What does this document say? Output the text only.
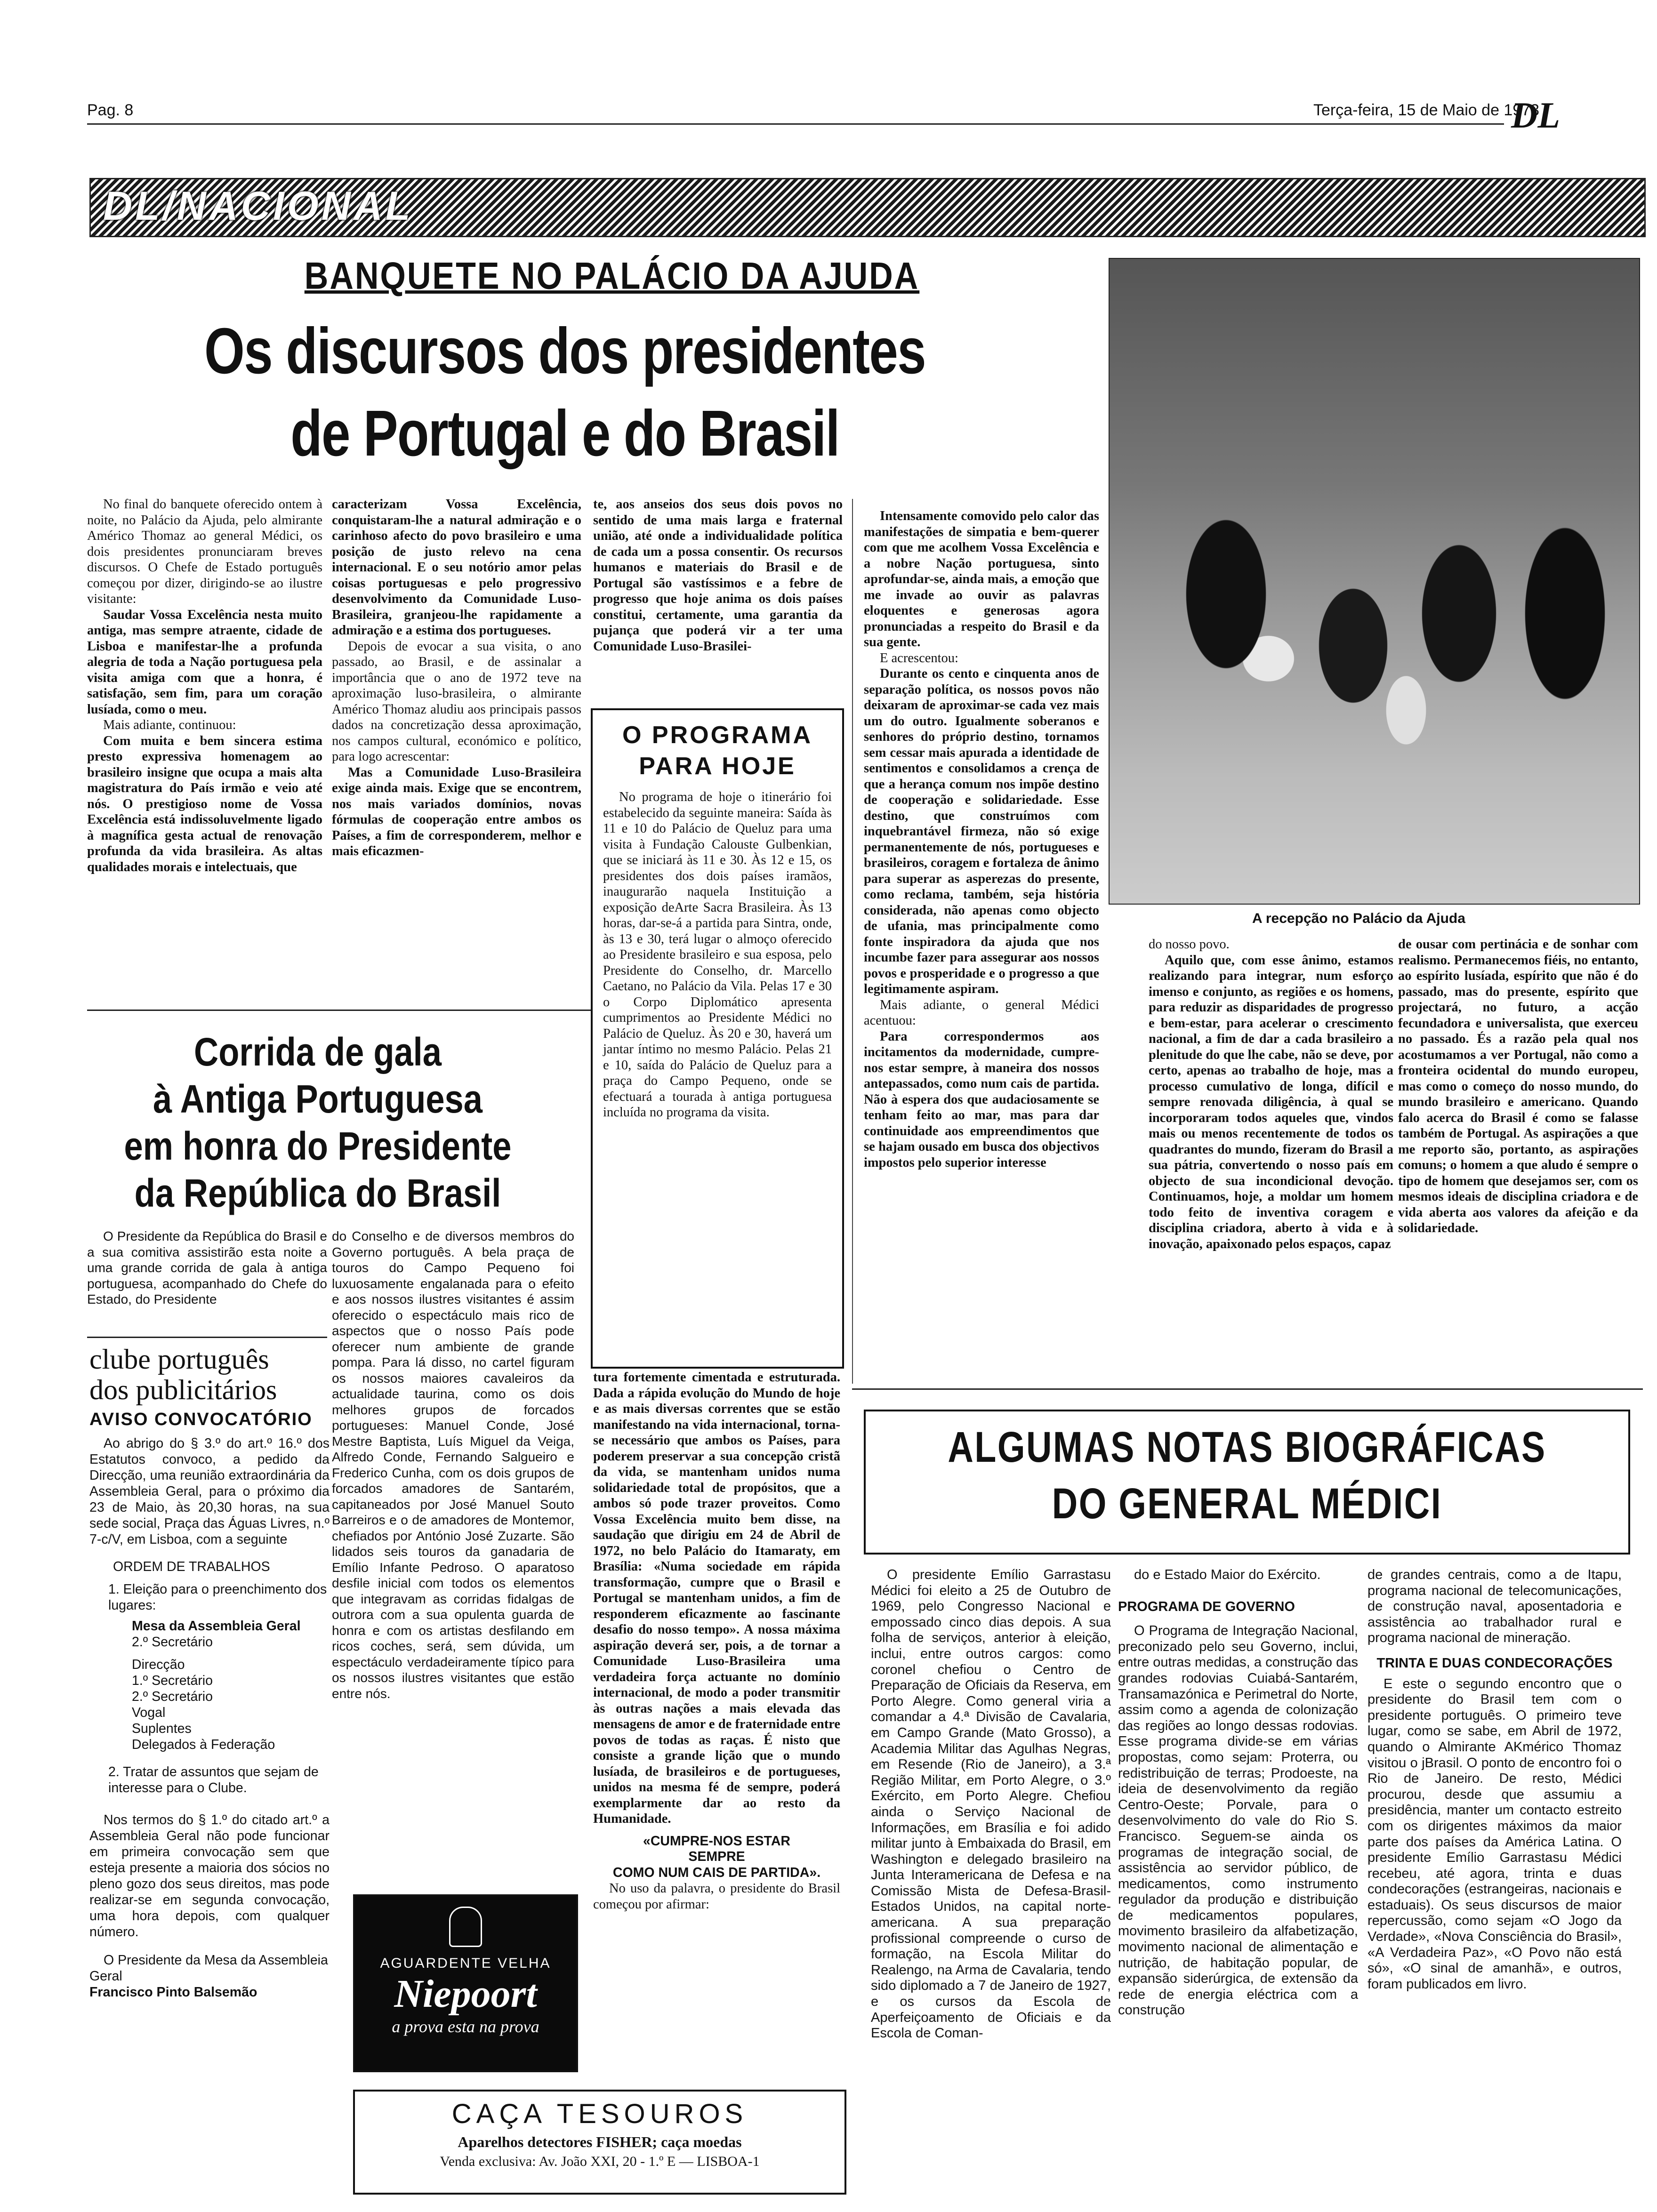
Pag. 8	Terça-feira, 15 de Maio de 1973
DL
DL/NACIONAL
BANQUETE NO PALÁCIO DA AJUDA
Os discursos dos presidentes
de Portugal e do Brasil
A recepção no Palácio da Ajuda

No final do banquete oferecido ontem à noite, no Palácio da Ajuda, pelo almirante Américo Thomaz ao general Médici, os dois presidentes pronunciaram breves discursos. O Chefe de Estado português começou por dizer, dirigindo-se ao ilustre visitante:

Saudar Vossa Excelência nesta muito antiga, mas sempre atraente, cidade de Lisboa e manifestar-lhe a profunda alegria de toda a Nação portuguesa pela visita amiga com que a honra, é satisfação, sem fim, para um coração lusíada, como o meu.

Mais adiante, continuou:

Com muita e bem sincera estima presto expressiva homenagem ao brasileiro insigne que ocupa a mais alta magistratura do País irmão e veio até nós. O prestigioso nome de Vossa Excelência está indissoluvelmente ligado à magnífica gesta actual de renovação profunda da vida brasileira. As altas qualidades morais e intelectuais, que

caracterizam Vossa Excelência, conquistaram-lhe a natural admiração e o carinhoso afecto do povo brasileiro e uma posição de justo relevo na cena internacional. E o seu notório amor pelas coisas portuguesas e pelo progressivo desenvolvimento da Comunidade Luso-Brasileira, granjeou-lhe rapidamente a admiração e a estima dos portugueses.

Depois de evocar a sua visita, o ano passado, ao Brasil, e de assinalar a importância que o ano de 1972 teve na aproximação luso-brasileira, o almirante Américo Thomaz aludiu aos principais passos dados na concretização dessa aproximação, nos campos cultural, económico e político, para logo acrescentar:

Mas a Comunidade Luso-Brasileira exige ainda mais. Exige que se encontrem, nos mais variados domínios, novas fórmulas de cooperação entre ambos os Países, a fim de corresponderem, melhor e mais eficazmen-

te, aos anseios dos seus dois povos no sentido de uma mais larga e fraternal união, até onde a individualidade política de cada um a possa consentir. Os recursos humanos e materiais do Brasil e de Portugal são vastíssimos e a febre de progresso que hoje anima os dois países constitui, certamente, uma garantia da pujança que poderá vir a ter uma Comunidade Luso-Brasilei-

Intensamente comovido pelo calor das manifestações de simpatia e bem-querer com que me acolhem Vossa Excelência e a nobre Nação portuguesa, sinto aprofundar-se, ainda mais, a emoção que me invade ao ouvir as palavras eloquentes e generosas agora pronunciadas a respeito do Brasil e da sua gente.

E acrescentou:

Durante os cento e cinquenta anos de separação política, os nossos povos não deixaram de aproximar-se cada vez mais um do outro. Igualmente soberanos e senhores do próprio destino, tornamos sem cessar mais apurada a identidade de sentimentos e consolidamos a crença de que a herança comum nos impõe destino de cooperação e solidariedade. Esse destino, que construímos com inquebrantável firmeza, não só exige permanentemente de nós, portugueses e brasileiros, coragem e fortaleza de ânimo para superar as asperezas do presente, como reclama, também, seja história considerada, não apenas como objecto de ufania, mas principalmente como fonte inspiradora da ajuda que nos incumbe fazer para assegurar aos nossos povos e prosperidade e o progresso a que legitimamente aspiram.

Mais adiante, o general Médici acentuou:

Para correspondermos aos incitamentos da modernidade, cumpre-nos estar sempre, à maneira dos nossos antepassados, como num cais de partida. Não à espera dos que audaciosamente se tenham feito ao mar, mas para dar continuidade aos empreendimentos que se hajam ousado em busca dos objectivos impostos pelo superior interesse

do nosso povo.

Aquilo que, com esse ânimo, estamos realizando para integrar, num esforço imenso e conjunto, as regiões e os homens, para reduzir as disparidades de progresso e bem-estar, para acelerar o crescimento nacional, a fim de dar a cada brasileiro a plenitude do que lhe cabe, não se deve, por certo, apenas ao trabalho de hoje, mas a processo cumulativo de longa, difícil e sempre renovada diligência, à qual se incorporaram todos aqueles que, vindos mais ou menos recentemente de todos os quadrantes do mundo, fizeram do Brasil a sua pátria, convertendo o nosso país em objecto de sua incondicional devoção. Continuamos, hoje, a moldar um homem todo feito de inventiva coragem e disciplina criadora, aberto à vida e à inovação, apaixonado pelos espaços, capaz

de ousar com pertinácia e de sonhar com realismo. Permanecemos fiéis, no entanto, ao espírito lusíada, espírito que não é do passado, mas do presente, espírito que projectará, no futuro, a acção fecundadora e universalista, que exerceu no passado. És a razão pela qual nos acostumamos a ver Portugal, não como a fronteira ocidental do mundo europeu, mas como o começo do nosso mundo, do mundo brasileiro e americano. Quando falo acerca do Brasil é como se falasse também de Portugal. As aspirações a que me reporto são, portanto, as aspirações comuns; o homem a que aludo é sempre o tipo de homem que desejamos ser, com os mesmos ideais de disciplina criadora e de vida aberta aos valores da afeição e da solidariedade.

O PROGRAMA
PARA HOJE

No programa de hoje o itinerário foi estabelecido da seguinte maneira: Saída às 11 e 10 do Palácio de Queluz para uma visita à Fundação Calouste Gulbenkian, que se iniciará às 11 e 30. Às 12 e 15, os presidentes dos dois países iramãos, inaugurarão naquela Instituição a exposição deArte Sacra Brasileira. Às 13 horas, dar-se-á a partida para Sintra, onde, às 13 e 30, terá lugar o almoço oferecido ao Presidente brasileiro e sua esposa, pelo Presidente do Conselho, dr. Marcello Caetano, no Palácio da Vila. Pelas 17 e 30 o Corpo Diplomático apresenta cumprimentos ao Presidente Médici no Palácio de Queluz. Às 20 e 30, haverá um jantar íntimo no mesmo Palácio. Pelas 21 e 10, saída do Palácio de Queluz para a praça do Campo Pequeno, onde se efectuará a tourada à antiga portuguesa incluída no programa da visita.

Corrida de gala
à Antiga Portuguesa
em honra do Presidente
da República do Brasil

O Presidente da República do Brasil e a sua comitiva assistirão esta noite a uma grande corrida de gala à antiga portuguesa, acompanhado do Chefe do Estado, do Presidente

do Conselho e de diversos membros do Governo português. A bela praça de touros do Campo Pequeno foi luxuosamente engalanada para o efeito e aos nossos ilustres visitantes é assim oferecido o espectáculo mais rico de aspectos que o nosso País pode oferecer num ambiente de grande pompa. Para lá disso, no cartel figuram os nossos maiores cavaleiros da actualidade taurina, como os dois melhores grupos de forcados portugueses: Manuel Conde, José Mestre Baptista, Luís Miguel da Veiga, Alfredo Conde, Fernando Salgueiro e Frederico Cunha, com os dois grupos de forcados amadores de Santarém, capitaneados por José Manuel Souto Barreiros e o de amadores de Montemor, chefiados por António José Zuzarte. São lidados seis touros da ganadaria de Emílio Infante Pedroso. O aparatoso desfile inicial com todos os elementos que integravam as corridas fidalgas de outrora com a sua opulenta guarda de honra e com os artistas desfilando em ricos coches, será, sem dúvida, um espectáculo verdadeiramente típico para os nossos ilustres visitantes que estão entre nós.

clube português
dos publicitários
AVISO CONVOCATÓRIO
Ao abrigo do § 3.º do art.º 16.º dos Estatutos convoco, a pedido da Direcção, uma reunião extraordinária da Assembleia Geral, para o próximo dia 23 de Maio, às 20,30 horas, na sua sede social, Praça das Águas Livres, n.º 7-c/V, em Lisboa, com a seguinte
ORDEM DE TRABALHOS
1. Eleição para o preenchimento dos lugares:
Mesa da Assembleia Geral
2.º Secretário
Direcção
1.º Secretário
2.º Secretário
Vogal
Suplentes
Delegados à Federação
2. Tratar de assuntos que sejam de interesse para o Clube.
Nos termos do § 1.º do citado art.º a Assembleia Geral não pode funcionar em primeira convocação sem que esteja presente a maioria dos sócios no pleno gozo dos seus direitos, mas pode realizar-se em segunda convocação, uma hora depois, com qualquer número.
O Presidente da Mesa da Assembleia Geral
Francisco Pinto Balsemão
AGUARDENTE VELHA
Niepoort
a prova esta na prova

tura fortemente cimentada e estruturada. Dada a rápida evolução do Mundo de hoje e as mais diversas correntes que se estão manifestando na vida internacional, torna-se necessário que ambos os Países, para poderem preservar a sua concepção cristã da vida, se mantenham unidos numa solidariedade total de propósitos, que a ambos só pode trazer proveitos. Como Vossa Excelência muito bem disse, na saudação que dirigiu em 24 de Abril de 1972, no belo Palácio do Itamaraty, em Brasília: «Numa sociedade em rápida transformação, cumpre que o Brasil e Portugal se mantenham unidos, a fim de responderem eficazmente ao fascinante desafio do nosso tempo». A nossa máxima aspiração deverá ser, pois, a de tornar a Comunidade Luso-Brasileira uma verdadeira força actuante no domínio internacional, de modo a poder transmitir às outras nações a mais elevada das mensagens de amor e de fraternidade entre povos de todas as raças. É nisto que consiste a grande lição que o mundo lusíada, de brasileiros e de portugueses, unidos na mesma fé de sempre, poderá exemplarmente dar ao resto da Humanidade.

«CUMPRE-NOS ESTAR
SEMPRE
COMO NUM CAIS DE PARTIDA».

No uso da palavra, o presidente do Brasil começou por afirmar:

CAÇA TESOUROS
Aparelhos detectores FISHER; caça moedas
Venda exclusiva: Av. João XXI, 20 - 1.º E — LISBOA-1
ALGUMAS NOTAS BIOGRÁFICAS
DO GENERAL MÉDICI

O presidente Emílio Garrastasu Médici foi eleito a 25 de Outubro de 1969, pelo Congresso Nacional e empossado cinco dias depois. A sua folha de serviços, anterior à eleição, inclui, entre outros cargos: como coronel chefiou o Centro de Preparação de Oficiais da Reserva, em Porto Alegre. Como general viria a comandar a 4.ª Divisão de Cavalaria, em Campo Grande (Mato Grosso), a Academia Militar das Agulhas Negras, em Resende (Rio de Janeiro), a 3.ª Região Militar, em Porto Alegre, o 3.º Exército, em Porto Alegre. Chefiou ainda o Serviço Nacional de Informações, em Brasília e foi adido militar junto à Embaixada do Brasil, em Washington e delegado brasileiro na Junta Interamericana de Defesa e na Comissão Mista de Defesa-Brasil-Estados Unidos, na capital norte-americana. A sua preparação profissional compreende o curso de formação, na Escola Militar do Realengo, na Arma de Cavalaria, tendo sido diplomado a 7 de Janeiro de 1927, e os cursos da Escola de Aperfeiçoamento de Oficiais e da Escola de Coman-

do e Estado Maior do Exército.

PROGRAMA DE GOVERNO

O Programa de Integração Nacional, preconizado pelo seu Governo, inclui, entre outras medidas, a construção das grandes rodovias Cuiabá-Santarém, Transamazónica e Perimetral do Norte, assim como a agenda de colonização das regiões ao longo dessas rodovias. Esse programa divide-se em várias propostas, como sejam: Proterra, ou redistribuição de terras; Prodoeste, na ideia de desenvolvimento da região Centro-Oeste; Porvale, para o desenvolvimento do vale do Rio S. Francisco. Seguem-se ainda os programas de integração social, de assistência ao servidor público, de medicamentos, como instrumento regulador da produção e distribuição de medicamentos populares, movimento brasileiro da alfabetização, movimento nacional de alimentação e nutrição, de habitação popular, de expansão siderúrgica, de extensão da rede de energia eléctrica com a construção

de grandes centrais, como a de Itapu, programa nacional de telecomunicações, de construção naval, aposentadoria e assistência ao trabalhador rural e programa nacional de mineração.

TRINTA E DUAS CONDECORAÇÕES

E este o segundo encontro que o presidente do Brasil tem com o presidente português. O primeiro teve lugar, como se sabe, em Abril de 1972, quando o Almirante AKmérico Thomaz visitou o jBrasil. O ponto de encontro foi o Rio de Janeiro. De resto, Médici procurou, desde que assumiu a presidência, manter um contacto estreito com os dirigentes máximos da maior parte dos países da América Latina. O presidente Emílio Garrastasu Médici recebeu, até agora, trinta e duas condecorações (estrangeiras, nacionais e estaduais). Os seus discursos de maior repercussão, como sejam «O Jogo da Verdade», «Nova Consciência do Brasil», «A Verdadeira Paz», «O Povo não está só», «O sinal de amanhã», e outros, foram publicados em livro.
